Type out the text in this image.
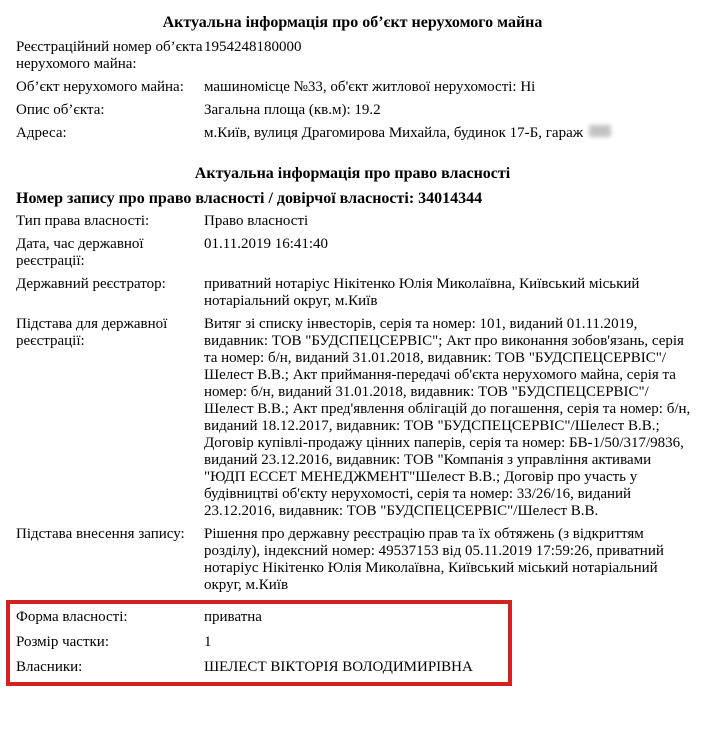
Актуальна інформація про об’єкт нерухомого майна
Реєстраційний номер об’єкта нерухомого майна:
1954248180000
Об’єкт нерухомого майна:	машиномісце №33, об'єкт житлової нерухомості: Ні
Опис об’єкта:	Загальна площа (кв.м): 19.2
Адреса:	м.Київ, вулиця Драгомирова Михайла, будинок 17-Б, гараж
Актуальна інформація про право власності
Номер запису про право власності / довірчої власності: 34014344
Тип права власності:	Право власності
Дата, час державної реєстрації:
01.11.2019 16:41:40
Державний реєстратор:	приватний нотаріус Нікітенко Юлія Миколаївна, Київський міський нотаріальний округ, м.Київ
Підстава для державної реєстрації:
Витяг зі списку інвесторів, серія та номер: 101, виданий 01.11.2019, видавник: ТОВ "БУДСПЕЦСЕРВІС"; Акт про виконання зобов'язань, серія та номер: б/н, виданий 31.01.2018, видавник: ТОВ "БУДСПЕЦСЕРВІС"/Шелест В.В.; Акт приймання-передачі об'єкта нерухомого майна, серія та номер: б/н, виданий 31.01.2018, видавник: ТОВ "БУДСПЕЦСЕРВІС"/Шелест В.В.; Акт пред'явлення облігацій до погашення, серія та номер: б/н, виданий 18.12.2017, видавник: ТОВ "БУДСПЕЦСЕРВІС"/Шелест В.В.; Договір купівлі-продажу цінних паперів, серія та номер: БВ-1/50/317/9836, виданий 23.12.2016, видавник: ТОВ "Компанія з управління активами "ЮДП ЕССЕТ МЕНЕДЖМЕНТ"Шелест В.В.; Договір про участь у будівництві об'єкту нерухомості, серія та номер: 33/26/16, виданий 23.12.2016, видавник: ТОВ "БУДСПЕЦСЕРВІС"/Шелест В.В.
Підстава внесення запису:	Рішення про державну реєстрацію прав та їх обтяжень (з відкриттям розділу), індексний номер: 49537153 від 05.11.2019 17:59:26, приватний нотаріус Нікітенко Юлія Миколаївна, Київський міський нотаріальний округ, м.Київ
Форма власності:	приватна
Розмір частки:	1
Власники:	ШЕЛЕСТ ВІКТОРІЯ ВОЛОДИМИРІВНА
